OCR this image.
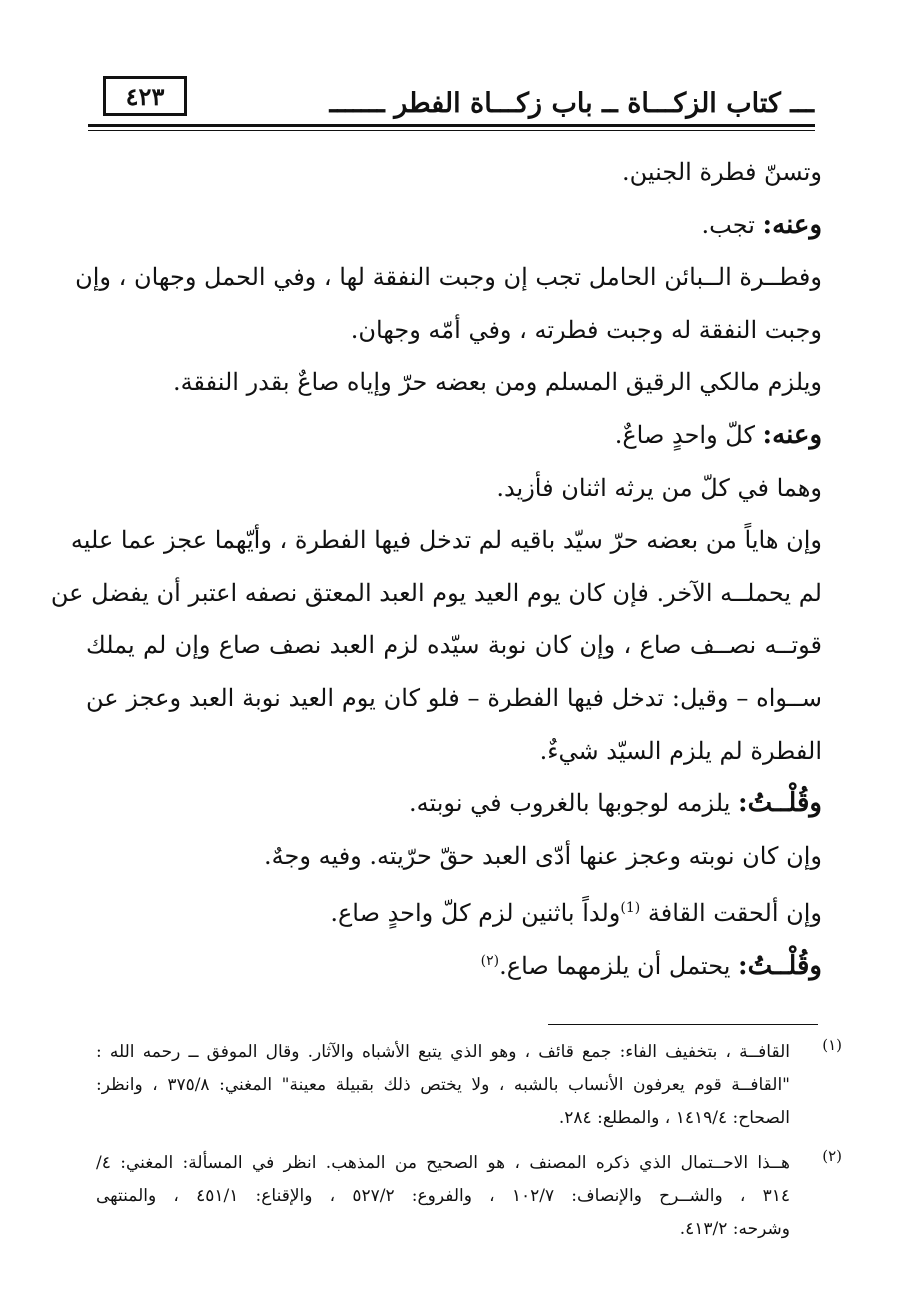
٤٢٣	ـــ كتاب الزكـــاة ــ باب زكـــاة الفطر ـــــــ

وتسنّ فطرة الجنين.

وعنه: تجب.

وفطــرة الــبائن الحامل تجب إن وجبت النفقة لها ، وفي الحمل وجهان ، وإن

وجبت النفقة له وجبت فطرته ، وفي أمّه وجهان.

ويلزم مالكي الرقيق المسلم ومن بعضه حرّ وإياه صاعٌ بقدر النفقة.

وعنه: كلّ واحدٍ صاعٌ.

وهما في كلّ من يرثه اثنان فأزيد.

وإن هاياً من بعضه حرّ سيّد باقيه لم تدخل فيها الفطرة ، وأيّهما عجز عما عليه

لم يحملــه الآخر. فإن كان يوم العيد يوم العبد المعتق نصفه اعتبر أن يفضل عن

قوتــه نصــف صاع ، وإن كان نوبة سيّده لزم العبد نصف صاع وإن لم يملك

ســواه – وقيل: تدخل فيها الفطرة – فلو كان يوم العيد نوبة العبد وعجز عن

الفطرة لم يلزم السيّد شيءٌ.

وقُلْــتُ: يلزمه لوجوبها بالغروب في نوبته.

وإن كان نوبته وعجز عنها أدّى العبد حقّ حرّيته. وفيه وجهٌ.

وإن ألحقت القافة $^{(1)}$ولداً باثنين لزم كلّ واحدٍ صاع.

وقُلْــتُ: يحتمل أن يلزمهما صاع.$^{(٢)}$

(١)
القافــة ، بتخفيف الفاء: جمع قائف ، وهو الذي يتبع الأشباه والآثار. وقال الموفق ــ رحمه الله :
"القافــة قوم يعرفون الأنساب بالشبه ، ولا يختص ذلك بقبيلة معينة" المغني: ٣٧٥/٨ ، وانظر:
الصحاح: ١٤١٩/٤ ، والمطلع: ٢٨٤.
(٢)
هــذا الاحــتمال الذي ذكره المصنف ، هو الصحيح من المذهب. انظر في المسألة: المغني: ٤/
٣١٤ ، والشــرح والإنصاف: ١٠٢/٧ ، والفروع: ٥٢٧/٢ ، والإقناع: ٤٥١/١ ، والمنتهى
وشرحه: ٤١٣/٢.
